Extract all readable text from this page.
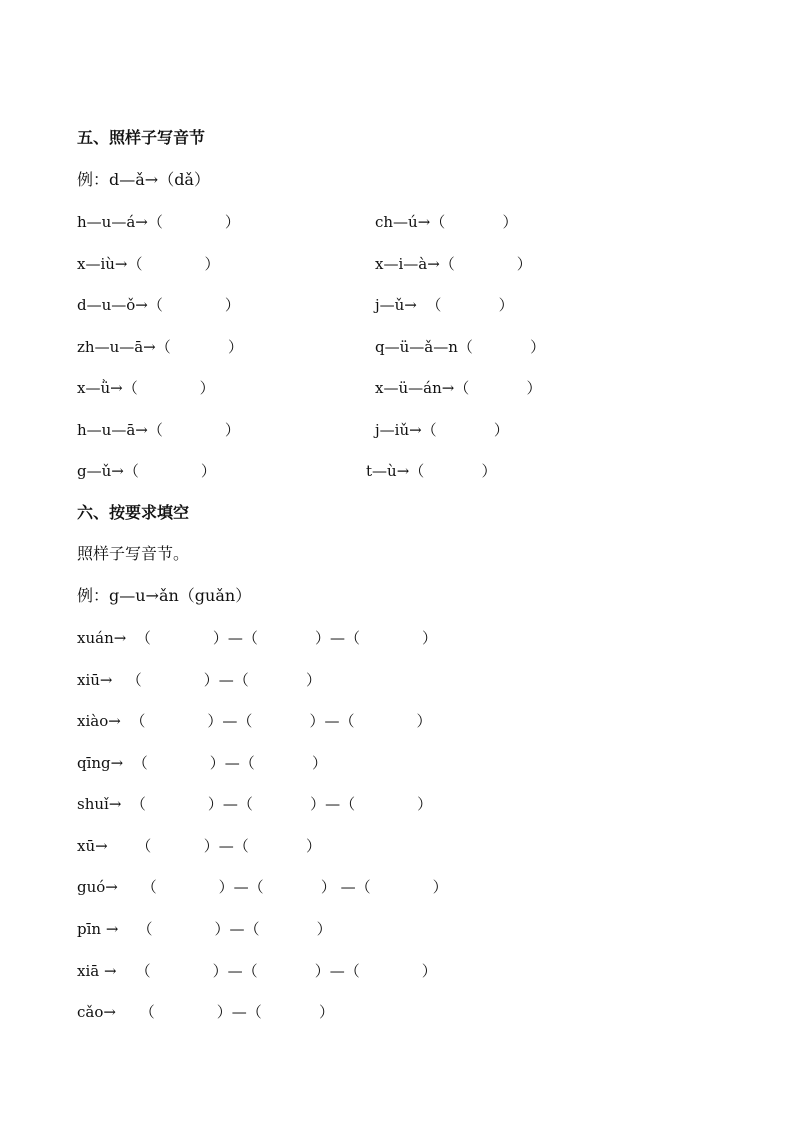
五、照样子写音节
例：d—ǎ→（dǎ）
h—u—á→（             ）	ch—ú→（            ）
x—iù→（             ）	x—i—à→（             ）
d—u—ǒ→（             ）	j—ǔ→  （            ）
zh—u—ā→（            ）	q—ü—ǎ—n（            ）
x—ǜ→（             ）	x—ü—án→（            ）
h—u—ā→（             ）	j—iǔ→（            ）
g—ǔ→（             ）	t—ù→（            ）
六、按要求填空
照样子写音节。
例：g—u→ǎn（guǎn）
xuán→  （             ）—（            ）—（             ）
xiū→   （             ）—（            ）
xiào→  （             ）—（            ）—（             ）
qīng→  （             ）—（            ）
shuǐ→  （             ）—（            ）—（             ）
xū→      （           ）—（            ）
guó→     （             ）—（            ） —（             ）
pīn →    （             ）—（            ）
xiā →    （             ）—（            ）—（             ）
cǎo→     （             ）—（            ）
